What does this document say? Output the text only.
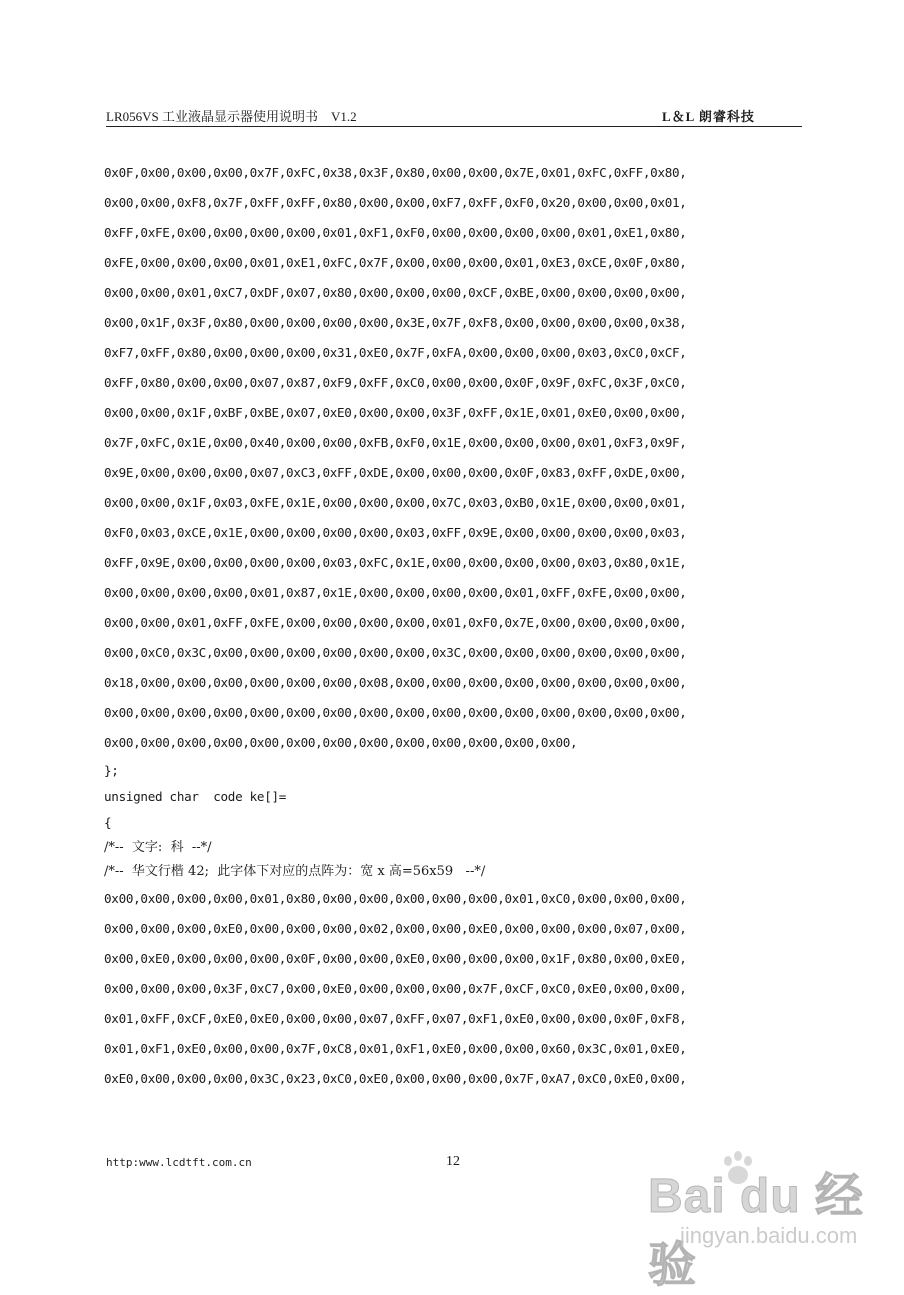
LR056VS 工业液晶显示器使用说明书　V1.2	L＆L 朗睿科技
0x0F,0x00,0x00,0x00,0x7F,0xFC,0x38,0x3F,0x80,0x00,0x00,0x7E,0x01,0xFC,0xFF,0x80,
0x00,0x00,0xF8,0x7F,0xFF,0xFF,0x80,0x00,0x00,0xF7,0xFF,0xF0,0x20,0x00,0x00,0x01,
0xFF,0xFE,0x00,0x00,0x00,0x00,0x01,0xF1,0xF0,0x00,0x00,0x00,0x00,0x01,0xE1,0x80,
0xFE,0x00,0x00,0x00,0x01,0xE1,0xFC,0x7F,0x00,0x00,0x00,0x01,0xE3,0xCE,0x0F,0x80,
0x00,0x00,0x01,0xC7,0xDF,0x07,0x80,0x00,0x00,0x00,0xCF,0xBE,0x00,0x00,0x00,0x00,
0x00,0x1F,0x3F,0x80,0x00,0x00,0x00,0x00,0x3E,0x7F,0xF8,0x00,0x00,0x00,0x00,0x38,
0xF7,0xFF,0x80,0x00,0x00,0x00,0x31,0xE0,0x7F,0xFA,0x00,0x00,0x00,0x03,0xC0,0xCF,
0xFF,0x80,0x00,0x00,0x07,0x87,0xF9,0xFF,0xC0,0x00,0x00,0x0F,0x9F,0xFC,0x3F,0xC0,
0x00,0x00,0x1F,0xBF,0xBE,0x07,0xE0,0x00,0x00,0x3F,0xFF,0x1E,0x01,0xE0,0x00,0x00,
0x7F,0xFC,0x1E,0x00,0x40,0x00,0x00,0xFB,0xF0,0x1E,0x00,0x00,0x00,0x01,0xF3,0x9F,
0x9E,0x00,0x00,0x00,0x07,0xC3,0xFF,0xDE,0x00,0x00,0x00,0x0F,0x83,0xFF,0xDE,0x00,
0x00,0x00,0x1F,0x03,0xFE,0x1E,0x00,0x00,0x00,0x7C,0x03,0xB0,0x1E,0x00,0x00,0x01,
0xF0,0x03,0xCE,0x1E,0x00,0x00,0x00,0x00,0x03,0xFF,0x9E,0x00,0x00,0x00,0x00,0x03,
0xFF,0x9E,0x00,0x00,0x00,0x00,0x03,0xFC,0x1E,0x00,0x00,0x00,0x00,0x03,0x80,0x1E,
0x00,0x00,0x00,0x00,0x01,0x87,0x1E,0x00,0x00,0x00,0x00,0x01,0xFF,0xFE,0x00,0x00,
0x00,0x00,0x01,0xFF,0xFE,0x00,0x00,0x00,0x00,0x01,0xF0,0x7E,0x00,0x00,0x00,0x00,
0x00,0xC0,0x3C,0x00,0x00,0x00,0x00,0x00,0x00,0x3C,0x00,0x00,0x00,0x00,0x00,0x00,
0x18,0x00,0x00,0x00,0x00,0x00,0x00,0x08,0x00,0x00,0x00,0x00,0x00,0x00,0x00,0x00,
0x00,0x00,0x00,0x00,0x00,0x00,0x00,0x00,0x00,0x00,0x00,0x00,0x00,0x00,0x00,0x00,
0x00,0x00,0x00,0x00,0x00,0x00,0x00,0x00,0x00,0x00,0x00,0x00,0x00,
};
unsigned char  code ke[]=
{
/*--  文字:  科  --*/
/*--  华文行楷 42;  此字体下对应的点阵为：宽 x 高=56x59   --*/
0x00,0x00,0x00,0x00,0x01,0x80,0x00,0x00,0x00,0x00,0x00,0x01,0xC0,0x00,0x00,0x00,
0x00,0x00,0x00,0xE0,0x00,0x00,0x00,0x02,0x00,0x00,0xE0,0x00,0x00,0x00,0x07,0x00,
0x00,0xE0,0x00,0x00,0x00,0x0F,0x00,0x00,0xE0,0x00,0x00,0x00,0x1F,0x80,0x00,0xE0,
0x00,0x00,0x00,0x3F,0xC7,0x00,0xE0,0x00,0x00,0x00,0x7F,0xCF,0xC0,0xE0,0x00,0x00,
0x01,0xFF,0xCF,0xE0,0xE0,0x00,0x00,0x07,0xFF,0x07,0xF1,0xE0,0x00,0x00,0x0F,0xF8,
0x01,0xF1,0xE0,0x00,0x00,0x7F,0xC8,0x01,0xF1,0xE0,0x00,0x00,0x60,0x3C,0x01,0xE0,
0xE0,0x00,0x00,0x00,0x3C,0x23,0xC0,0xE0,0x00,0x00,0x00,0x7F,0xA7,0xC0,0xE0,0x00,
http:www.lcdtft.com.cn	12
Bai du 经验
jingyan.baidu.com
